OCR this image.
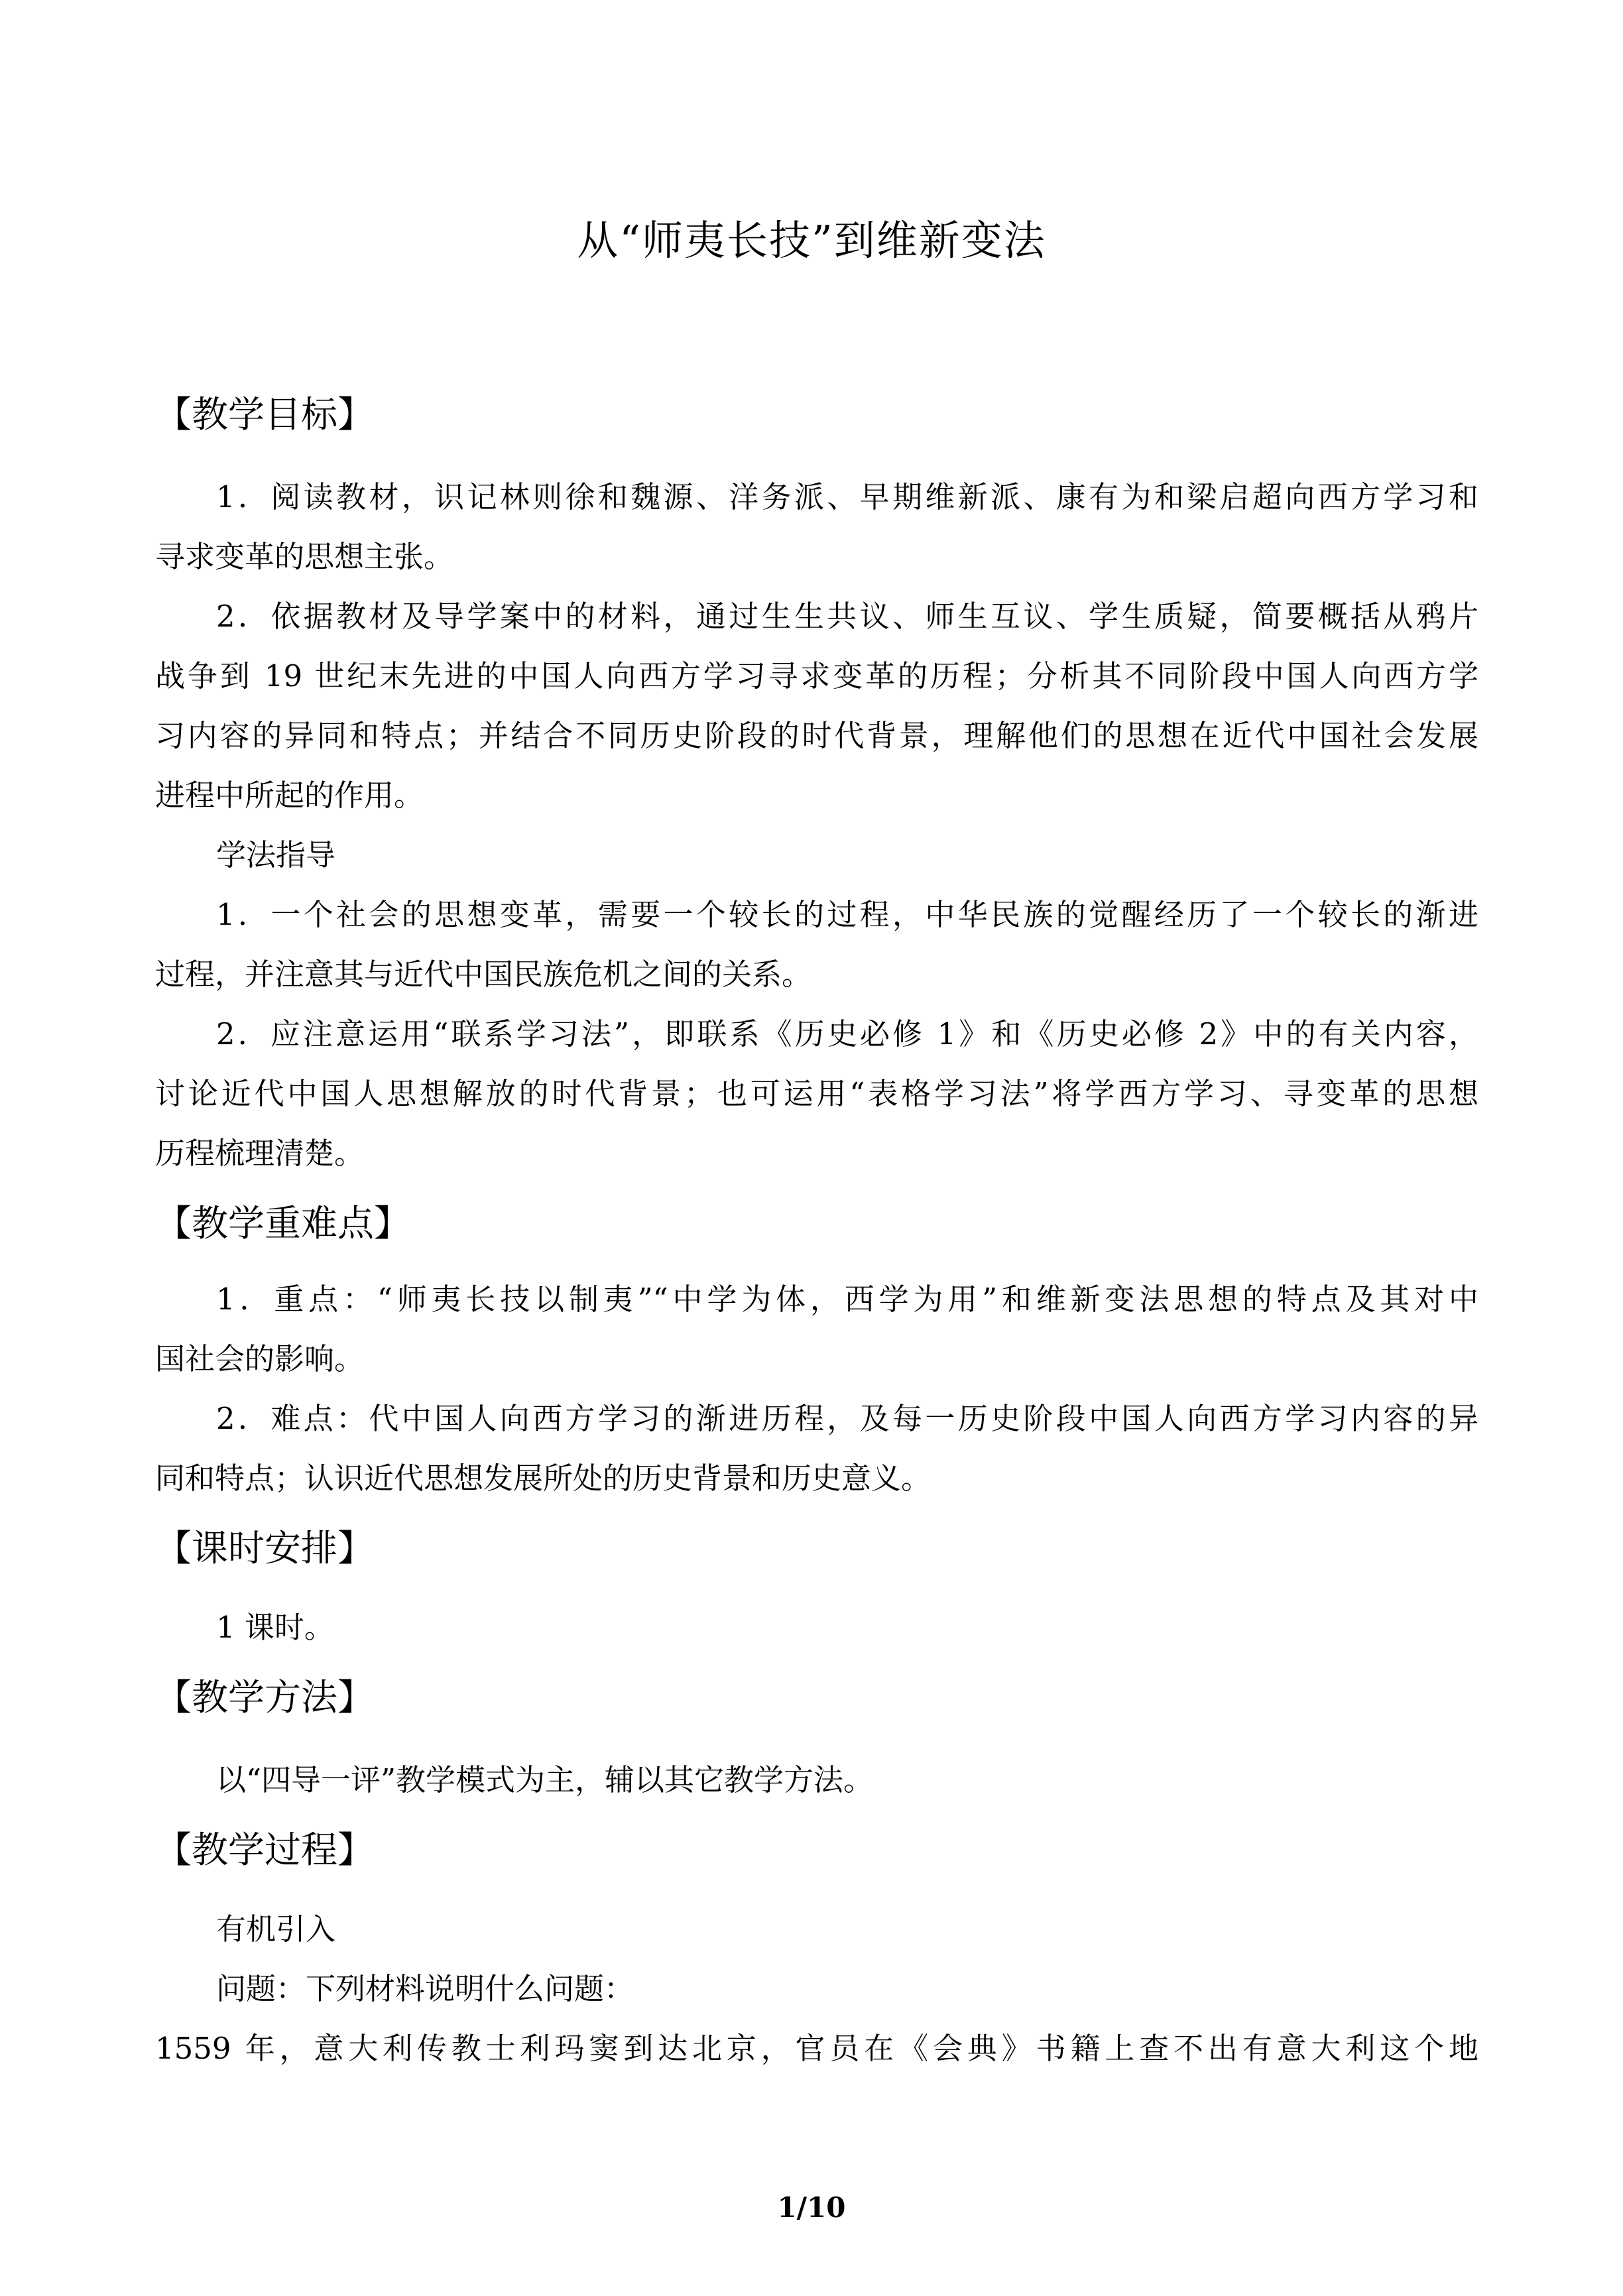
从“师夷长技”到维新变法
【教学目标】
1．阅读教材，识记林则徐和魏源、洋务派、早期维新派、康有为和梁启超向西方学习和
寻求变革的思想主张。
2．依据教材及导学案中的材料，通过生生共议、师生互议、学生质疑，简要概括从鸦片
战争到 19 世纪末先进的中国人向西方学习寻求变革的历程；分析其不同阶段中国人向西方学
习内容的异同和特点；并结合不同历史阶段的时代背景，理解他们的思想在近代中国社会发展
进程中所起的作用。
学法指导
1．一个社会的思想变革，需要一个较长的过程，中华民族的觉醒经历了一个较长的渐进
过程，并注意其与近代中国民族危机之间的关系。
2．应注意运用“联系学习法”，即联系《历史必修 1》和《历史必修 2》中的有关内容，
讨论近代中国人思想解放的时代背景；也可运用“表格学习法”将学西方学习、寻变革的思想
历程梳理清楚。
【教学重难点】
1．重点：“师夷长技以制夷”“中学为体，西学为用”和维新变法思想的特点及其对中
国社会的影响。
2．难点：代中国人向西方学习的渐进历程，及每一历史阶段中国人向西方学习内容的异
同和特点；认识近代思想发展所处的历史背景和历史意义。
【课时安排】
1 课时。
【教学方法】
以“四导一评”教学模式为主，辅以其它教学方法。
【教学过程】
有机引入
问题：下列材料说明什么问题：
1559 年，意大利传教士利玛窦到达北京，官员在《会典》书籍上查不出有意大利这个地
1/10
